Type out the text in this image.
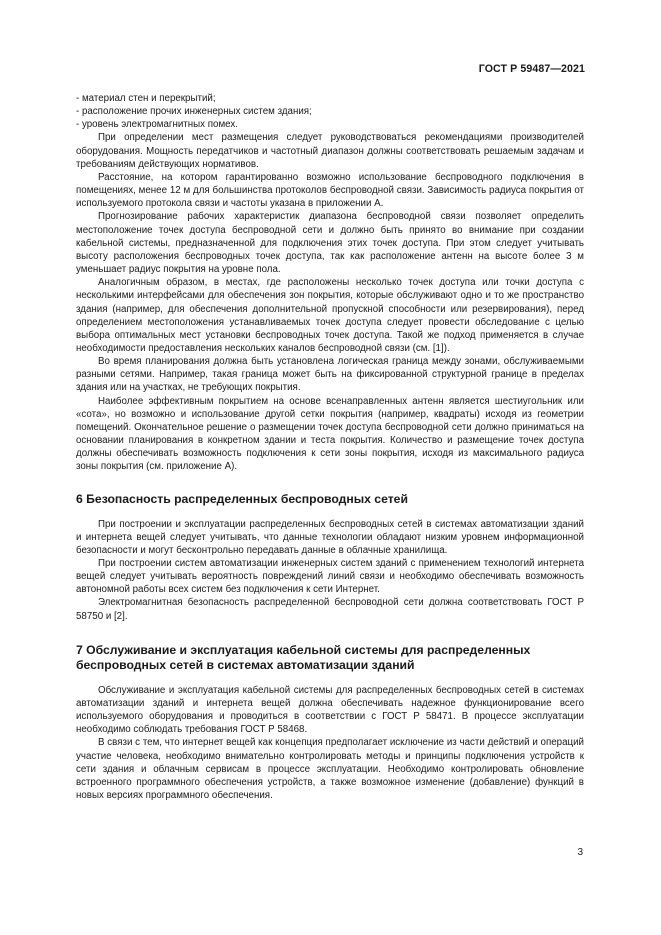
ГОСТ Р 59487—2021

- материал стен и перекрытий;

- расположение прочих инженерных систем здания;

- уровень электромагнитных помех.

При определении мест размещения следует руководствоваться рекомендациями производителей оборудования. Мощность передатчиков и частотный диапазон должны соответствовать решаемым задачам и требованиям действующих нормативов.

Расстояние, на котором гарантированно возможно использование беспроводного подключения в помещениях, менее 12 м для большинства протоколов беспроводной связи. Зависимость радиуса покрытия от используемого протокола связи и частоты указана в приложении А.

Прогнозирование рабочих характеристик диапазона беспроводной связи позволяет определить местоположение точек доступа беспроводной сети и должно быть принято во внимание при создании кабельной системы, предназначенной для подключения этих точек доступа. При этом следует учитывать высоту расположения беспроводных точек доступа, так как расположение антенн на высоте более 3 м уменьшает радиус покрытия на уровне пола.

Аналогичным образом, в местах, где расположены несколько точек доступа или точки доступа с несколькими интерфейсами для обеспечения зон покрытия, которые обслуживают одно и то же пространство здания (например, для обеспечения дополнительной пропускной способности или резервирования), перед определением местоположения устанавливаемых точек доступа следует провести обследование с целью выбора оптимальных мест установки беспроводных точек доступа. Такой же подход применяется в случае необходимости предоставления нескольких каналов беспроводной связи (см. [1]).

Во время планирования должна быть установлена логическая граница между зонами, обслуживаемыми разными сетями. Например, такая граница может быть на фиксированной структурной границе в пределах здания или на участках, не требующих покрытия.

Наиболее эффективным покрытием на основе всенаправленных антенн является шестиугольник или «сота», но возможно и использование другой сетки покрытия (например, квадраты) исходя из геометрии помещений. Окончательное решение о размещении точек доступа беспроводной сети должно приниматься на основании планирования в конкретном здании и теста покрытия. Количество и размещение точек доступа должны обеспечивать возможность подключения к сети зоны покрытия, исходя из максимального радиуса зоны покрытия (см. приложение А).

6 Безопасность распределенных беспроводных сетей

При построении и эксплуатации распределенных беспроводных сетей в системах автоматизации зданий и интернета вещей следует учитывать, что данные технологии обладают низким уровнем информационной безопасности и могут бесконтрольно передавать данные в облачные хранилища.

При построении систем автоматизации инженерных систем зданий с применением технологий интернета вещей следует учитывать вероятность повреждений линий связи и необходимо обеспечивать возможность автономной работы всех систем без подключения к сети Интернет.

Электромагнитная безопасность распределенной беспроводной сети должна соответствовать ГОСТ Р 58750 и [2].

7 Обслуживание и эксплуатация кабельной системы для распределенных
беспроводных сетей в системах автоматизации зданий

Обслуживание и эксплуатация кабельной системы для распределенных беспроводных сетей в системах автоматизации зданий и интернета вещей должна обеспечивать надежное функционирование всего используемого оборудования и проводиться в соответствии с ГОСТ Р 58471. В процессе эксплуатации необходимо соблюдать требования ГОСТ Р 58468.

В связи с тем, что интернет вещей как концепция предполагает исключение из части действий и операций участие человека, необходимо внимательно контролировать методы и принципы подключения устройств к сети здания и облачным сервисам в процессе эксплуатации. Необходимо контролировать обновление встроенного программного обеспечения устройств, а также возможное изменение (добавление) функций в новых версиях программного обеспечения.

3
